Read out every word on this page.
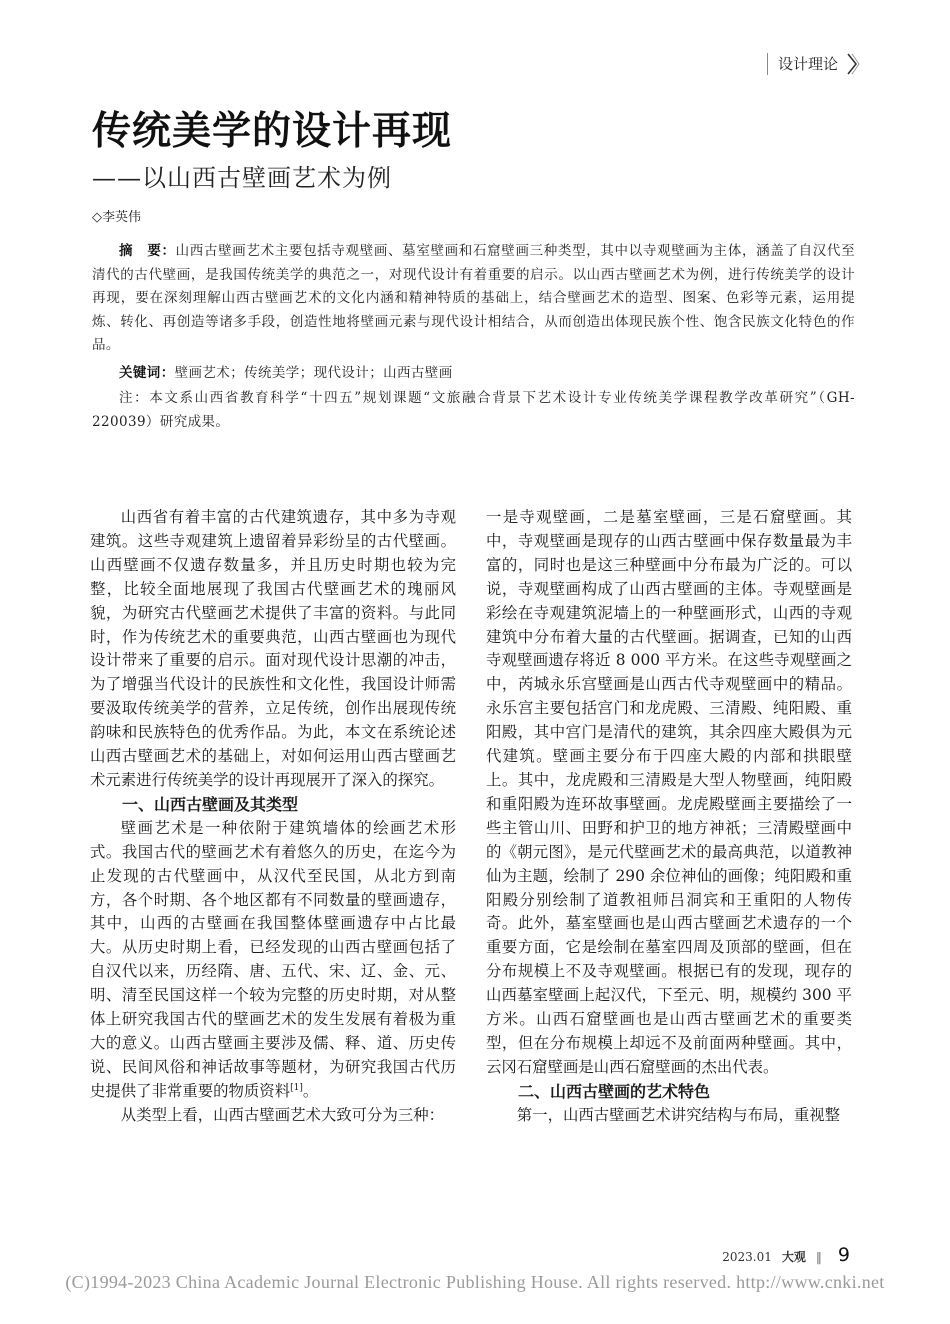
设计理论
传统美学的设计再现
——以山西古壁画艺术为例
◇李英伟

摘　要：山西古壁画艺术主要包括寺观壁画、墓室壁画和石窟壁画三种类型，其中以寺观壁画为主体，涵盖了自汉代至清代的古代壁画，是我国传统美学的典范之一，对现代设计有着重要的启示。以山西古壁画艺术为例，进行传统美学的设计再现，要在深刻理解山西古壁画艺术的文化内涵和精神特质的基础上，结合壁画艺术的造型、图案、色彩等元素，运用提炼、转化、再创造等诸多手段，创造性地将壁画元素与现代设计相结合，从而创造出体现民族个性、饱含民族文化特色的作品。

关键词：壁画艺术；传统美学；现代设计；山西古壁画

注：本文系山西省教育科学“十四五”规划课题“文旅融合背景下艺术设计专业传统美学课程教学改革研究”（GH-220039）研究成果。

山西省有着丰富的古代建筑遗存，其中多为寺观建筑。这些寺观建筑上遗留着异彩纷呈的古代壁画。山西壁画不仅遗存数量多，并且历史时期也较为完整，比较全面地展现了我国古代壁画艺术的瑰丽风貌，为研究古代壁画艺术提供了丰富的资料。与此同时，作为传统艺术的重要典范，山西古壁画也为现代设计带来了重要的启示。面对现代设计思潮的冲击，为了增强当代设计的民族性和文化性，我国设计师需要汲取传统美学的营养，立足传统，创作出展现传统韵味和民族特色的优秀作品。为此，本文在系统论述山西古壁画艺术的基础上，对如何运用山西古壁画艺术元素进行传统美学的设计再现展开了深入的探究。

一、山西古壁画及其类型

壁画艺术是一种依附于建筑墙体的绘画艺术形式。我国古代的壁画艺术有着悠久的历史，在迄今为止发现的古代壁画中，从汉代至民国，从北方到南方，各个时期、各个地区都有不同数量的壁画遗存，其中，山西的古壁画在我国整体壁画遗存中占比最大。从历史时期上看，已经发现的山西古壁画包括了自汉代以来，历经隋、唐、五代、宋、辽、金、元、明、清至民国这样一个较为完整的历史时期，对从整体上研究我国古代的壁画艺术的发生发展有着极为重大的意义。山西古壁画主要涉及儒、释、道、历史传说、民间风俗和神话故事等题材，为研究我国古代历史提供了非常重要的物质资料[1]。

从类型上看，山西古壁画艺术大致可分为三种：

一是寺观壁画，二是墓室壁画，三是石窟壁画。其中，寺观壁画是现存的山西古壁画中保存数量最为丰富的，同时也是这三种壁画中分布最为广泛的。可以说，寺观壁画构成了山西古壁画的主体。寺观壁画是彩绘在寺观建筑泥墙上的一种壁画形式，山西的寺观建筑中分布着大量的古代壁画。据调查，已知的山西寺观壁画遗存将近 8 000 平方米。在这些寺观壁画之中，芮城永乐宫壁画是山西古代寺观壁画中的精品。永乐宫主要包括宫门和龙虎殿、三清殿、纯阳殿、重阳殿，其中宫门是清代的建筑，其余四座大殿俱为元代建筑。壁画主要分布于四座大殿的内部和拱眼壁上。其中，龙虎殿和三清殿是大型人物壁画，纯阳殿和重阳殿为连环故事壁画。龙虎殿壁画主要描绘了一些主管山川、田野和护卫的地方神祇；三清殿壁画中的《朝元图》，是元代壁画艺术的最高典范，以道教神仙为主题，绘制了 290 余位神仙的画像；纯阳殿和重阳殿分别绘制了道教祖师吕洞宾和王重阳的人物传奇。此外，墓室壁画也是山西古壁画艺术遗存的一个重要方面，它是绘制在墓室四周及顶部的壁画，但在分布规模上不及寺观壁画。根据已有的发现，现存的山西墓室壁画上起汉代，下至元、明，规模约 300 平方米。山西石窟壁画也是山西古壁画艺术的重要类型，但在分布规模上却远不及前面两种壁画。其中，云冈石窟壁画是山西石窟壁画的杰出代表。

二、山西古壁画的艺术特色

第一，山西古壁画艺术讲究结构与布局，重视整

2023.01 大观 ‖ 9
(C)1994-2023 China Academic Journal Electronic Publishing House. All rights reserved. http://www.cnki.net
